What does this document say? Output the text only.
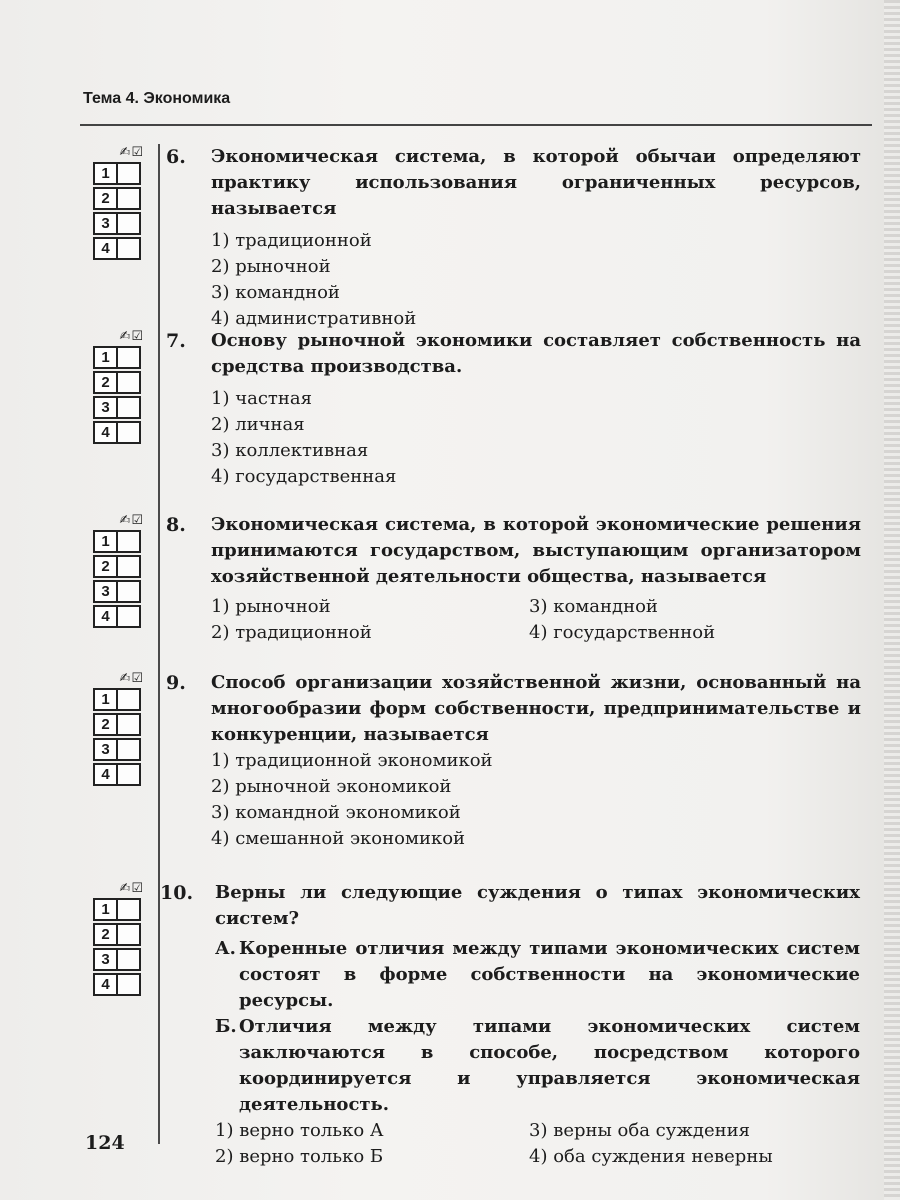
Тема 4. Экономика
✍ ☑
1
2
3
4
6. Экономическая система, в которой обычаи определяют практику использования ограниченных ресурсов, называется
1) традиционной
2) рыночной
3) командной
4) административной
✍ ☑
1
2
3
4
7. Основу рыночной экономики составляет собственность на средства производства.
1) частная
2) личная
3) коллективная
4) государственная
✍ ☑
1
2
3
4
8. Экономическая система, в которой экономические решения принимаются государством, выступающим организатором хозяйственной деятельности общества, называется
1) рыночной	3) командной
2) традиционной	4) государственной
✍ ☑
1
2
3
4
9. Способ организации хозяйственной жизни, основанный на многообразии форм собственности, предпринимательстве и конкуренции, называется
1) традиционной экономикой
2) рыночной экономикой
3) командной экономикой
4) смешанной экономикой
✍ ☑
1
2
3
4
10. Верны ли следующие суждения о типах экономических систем?
А. Коренные отличия между типами экономических систем состоят в форме собственности на экономические ресурсы.
Б. Отличия между типами экономических систем заключаются в способе, посредством которого координируется и управляется экономическая деятельность.
1) верно только А	3) верны оба суждения
2) верно только Б	4) оба суждения неверны
124
